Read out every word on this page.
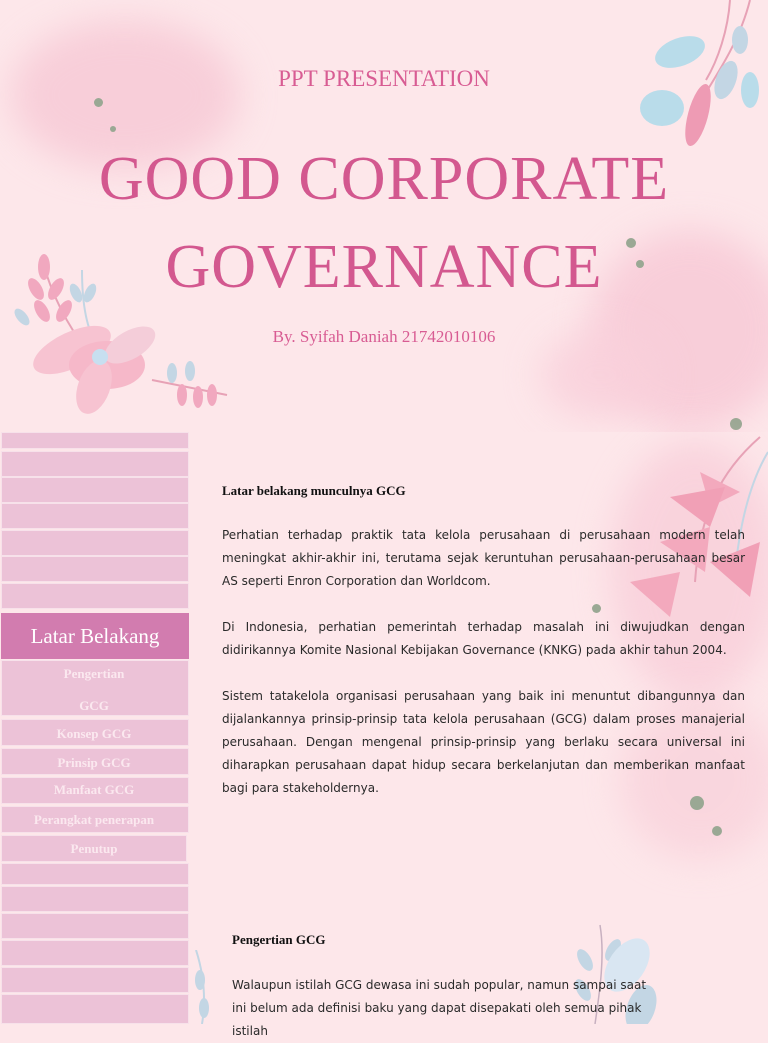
PPT PRESENTATION
GOOD CORPORATE
GOVERNANCE
By. Syifah Daniah 21742010106
Pengertian
GCG
Konsep GCG
Prinsip GCG
Manfaat GCG
Perangkat penerapan
Penutup
Latar Belakang
Latar belakang munculnya GCG
Perhatian terhadap praktik tata kelola perusahaan di perusahaan modern telah meningkat akhir-akhir ini, terutama sejak keruntuhan perusahaan-perusahaan besar AS seperti Enron Corporation dan Worldcom.
Di Indonesia, perhatian pemerintah terhadap masalah ini diwujudkan dengan didirikannya Komite Nasional Kebijakan Governance (KNKG) pada akhir tahun 2004.
Sistem tatakelola organisasi perusahaan yang baik ini menuntut dibangunnya dan dijalankannya prinsip-prinsip tata kelola perusahaan (GCG) dalam proses manajerial perusahaan. Dengan mengenal prinsip-prinsip yang berlaku secara universal ini diharapkan perusahaan dapat hidup secara berkelanjutan dan memberikan manfaat bagi para stakeholdernya.
Pengertian GCG
Walaupun istilah GCG dewasa ini sudah popular, namun sampai saat ini belum ada definisi baku yang dapat disepakati oleh semua pihak istilah
